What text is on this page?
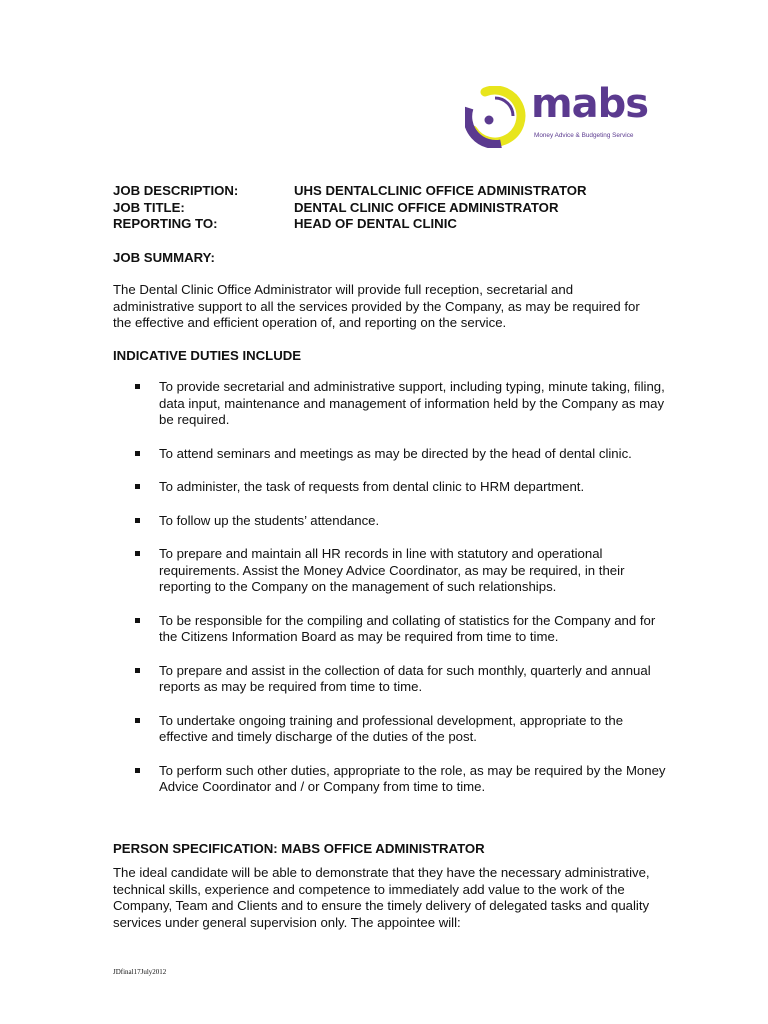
mabs
Money Advice & Budgeting Service
JOB DESCRIPTION:	UHS DENTALCLINIC OFFICE ADMINISTRATOR
JOB TITLE:	DENTAL CLINIC OFFICE ADMINISTRATOR
REPORTING TO:	HEAD OF DENTAL CLINIC
JOB SUMMARY:
The Dental Clinic Office Administrator will provide full reception, secretarial and administrative support to all the services provided by the Company, as may be required for the effective and efficient operation of, and reporting on the service.
INDICATIVE DUTIES INCLUDE
To provide secretarial and administrative support, including typing, minute taking, filing, data input, maintenance and management of information held by the Company as may be required.
To attend seminars and meetings as may be directed by the head of dental clinic.
To administer, the task of requests from dental clinic to HRM department.
To follow up the students’ attendance.
To prepare and maintain all HR records in line with statutory and operational requirements. Assist the Money Advice Coordinator, as may be required, in their reporting to the Company on the management of such relationships.
To be responsible for the compiling and collating of statistics for the Company and for the Citizens Information Board as may be required from time to time.
To prepare and assist in the collection of data for such monthly, quarterly and annual reports as may be required from time to time.
To undertake ongoing training and professional development, appropriate to the effective and timely discharge of the duties of the post.
To perform such other duties, appropriate to the role, as may be required by the Money Advice Coordinator and / or Company from time to time.
PERSON SPECIFICATION: MABS OFFICE ADMINISTRATOR
The ideal candidate will be able to demonstrate that they have the necessary administrative, technical skills, experience and competence to immediately add value to the work of the Company, Team and Clients and to ensure the timely delivery of delegated tasks and quality services under general supervision only. The appointee will:
JDfinal17July2012
